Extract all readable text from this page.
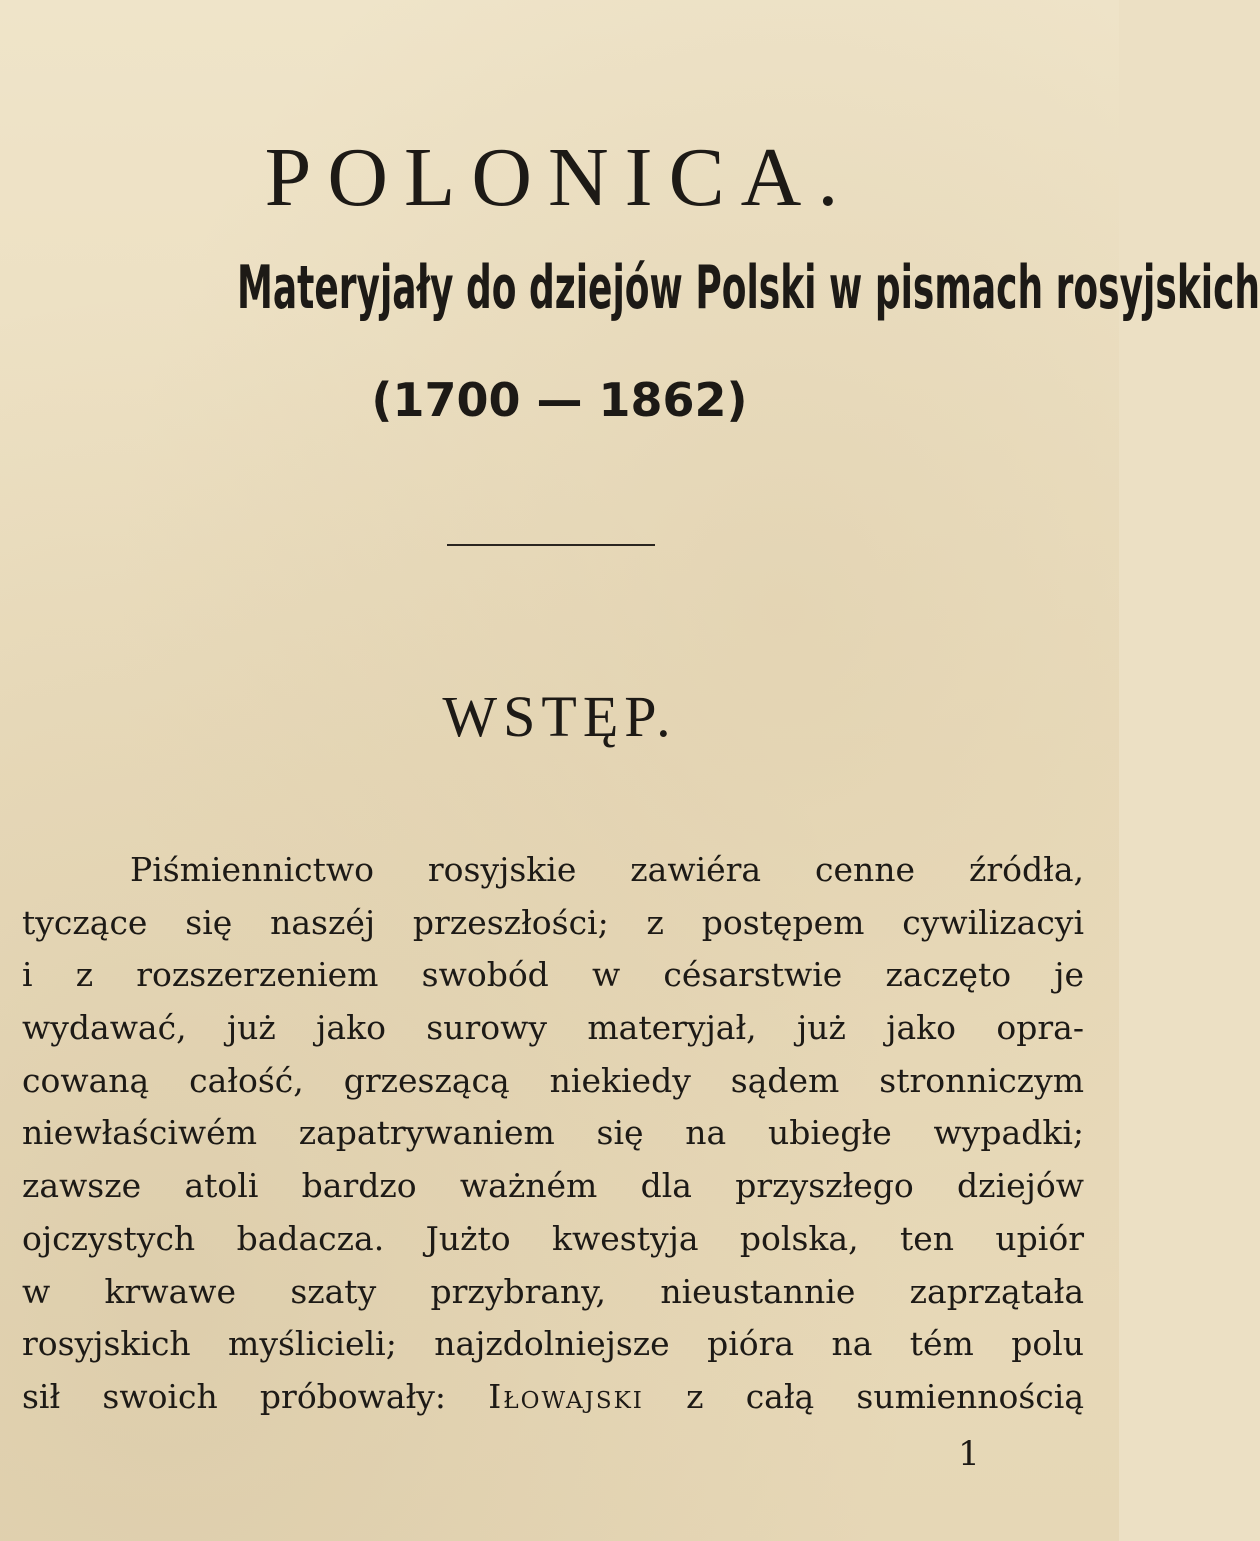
POLONICA.
Materyjały do dziejów Polski w pismach rosyjskich
(1700 — 1862)
WSTĘP.
Piśmiennictwo rosyjskie zawiéra cenne źródła,
tyczące się naszéj przeszłości; z postępem cywilizacyi
i z rozszerzeniem swobód w césarstwie zaczęto je
wydawać, już jako surowy materyjał, już jako opra-
cowaną całość, grzeszącą niekiedy sądem stronniczym
niewłaściwém zapatrywaniem się na ubiegłe wypadki;
zawsze atoli bardzo ważném dla przyszłego dziejów
ojczystych badacza. Jużto kwestyja polska, ten upiór
w krwawe szaty przybrany, nieustannie zaprzątała
rosyjskich myślicieli; najzdolniejsze pióra na tém polu
sił swoich próbowały: Iłowajski z całą sumiennością
1
